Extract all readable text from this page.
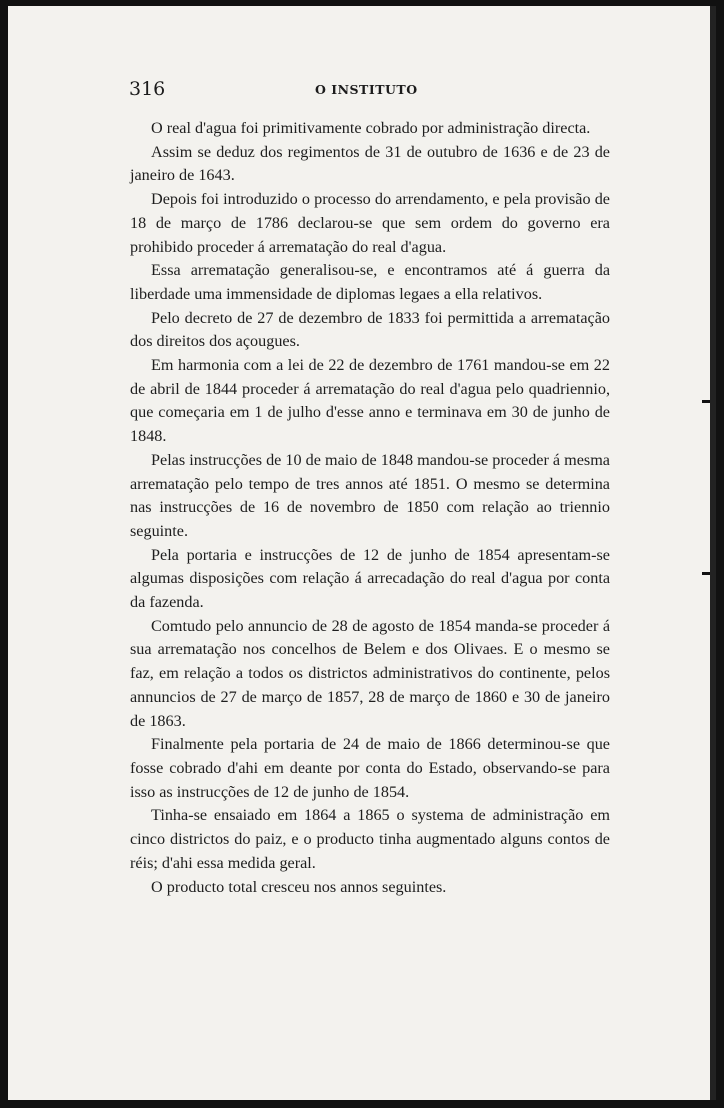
316	O INSTITUTO

O real d'agua foi primitivamente cobrado por administração directa.

Assim se deduz dos regimentos de 31 de outubro de 1636 e de 23 de janeiro de 1643.

Depois foi introduzido o processo do arrendamento, e pela provisão de 18 de março de 1786 declarou-se que sem ordem do governo era prohibido proceder á arrematação do real d'agua.

Essa arrematação generalisou-se, e encontramos até á guerra da liberdade uma immensidade de diplomas legaes a ella relativos.

Pelo decreto de 27 de dezembro de 1833 foi permittida a arrematação dos direitos dos açougues.

Em harmonia com a lei de 22 de dezembro de 1761 mandou-se em 22 de abril de 1844 proceder á arrematação do real d'agua pelo quadriennio, que começaria em 1 de julho d'esse anno e terminava em 30 de junho de 1848.

Pelas instrucções de 10 de maio de 1848 mandou-se proceder á mesma arrematação pelo tempo de tres annos até 1851. O mesmo se determina nas instrucções de 16 de novembro de 1850 com relação ao triennio seguinte.

Pela portaria e instrucções de 12 de junho de 1854 apresentam-se algumas disposições com relação á arrecadação do real d'agua por conta da fazenda.

Comtudo pelo annuncio de 28 de agosto de 1854 manda-se proceder á sua arrematação nos concelhos de Belem e dos Olivaes. E o mesmo se faz, em relação a todos os districtos administrativos do continente, pelos annuncios de 27 de março de 1857, 28 de março de 1860 e 30 de janeiro de 1863.

Finalmente pela portaria de 24 de maio de 1866 determinou-se que fosse cobrado d'ahi em deante por conta do Estado, observando-se para isso as instrucções de 12 de junho de 1854.

Tinha-se ensaiado em 1864 a 1865 o systema de administração em cinco districtos do paiz, e o producto tinha augmentado alguns contos de réis; d'ahi essa medida geral.

O producto total cresceu nos annos seguintes.
